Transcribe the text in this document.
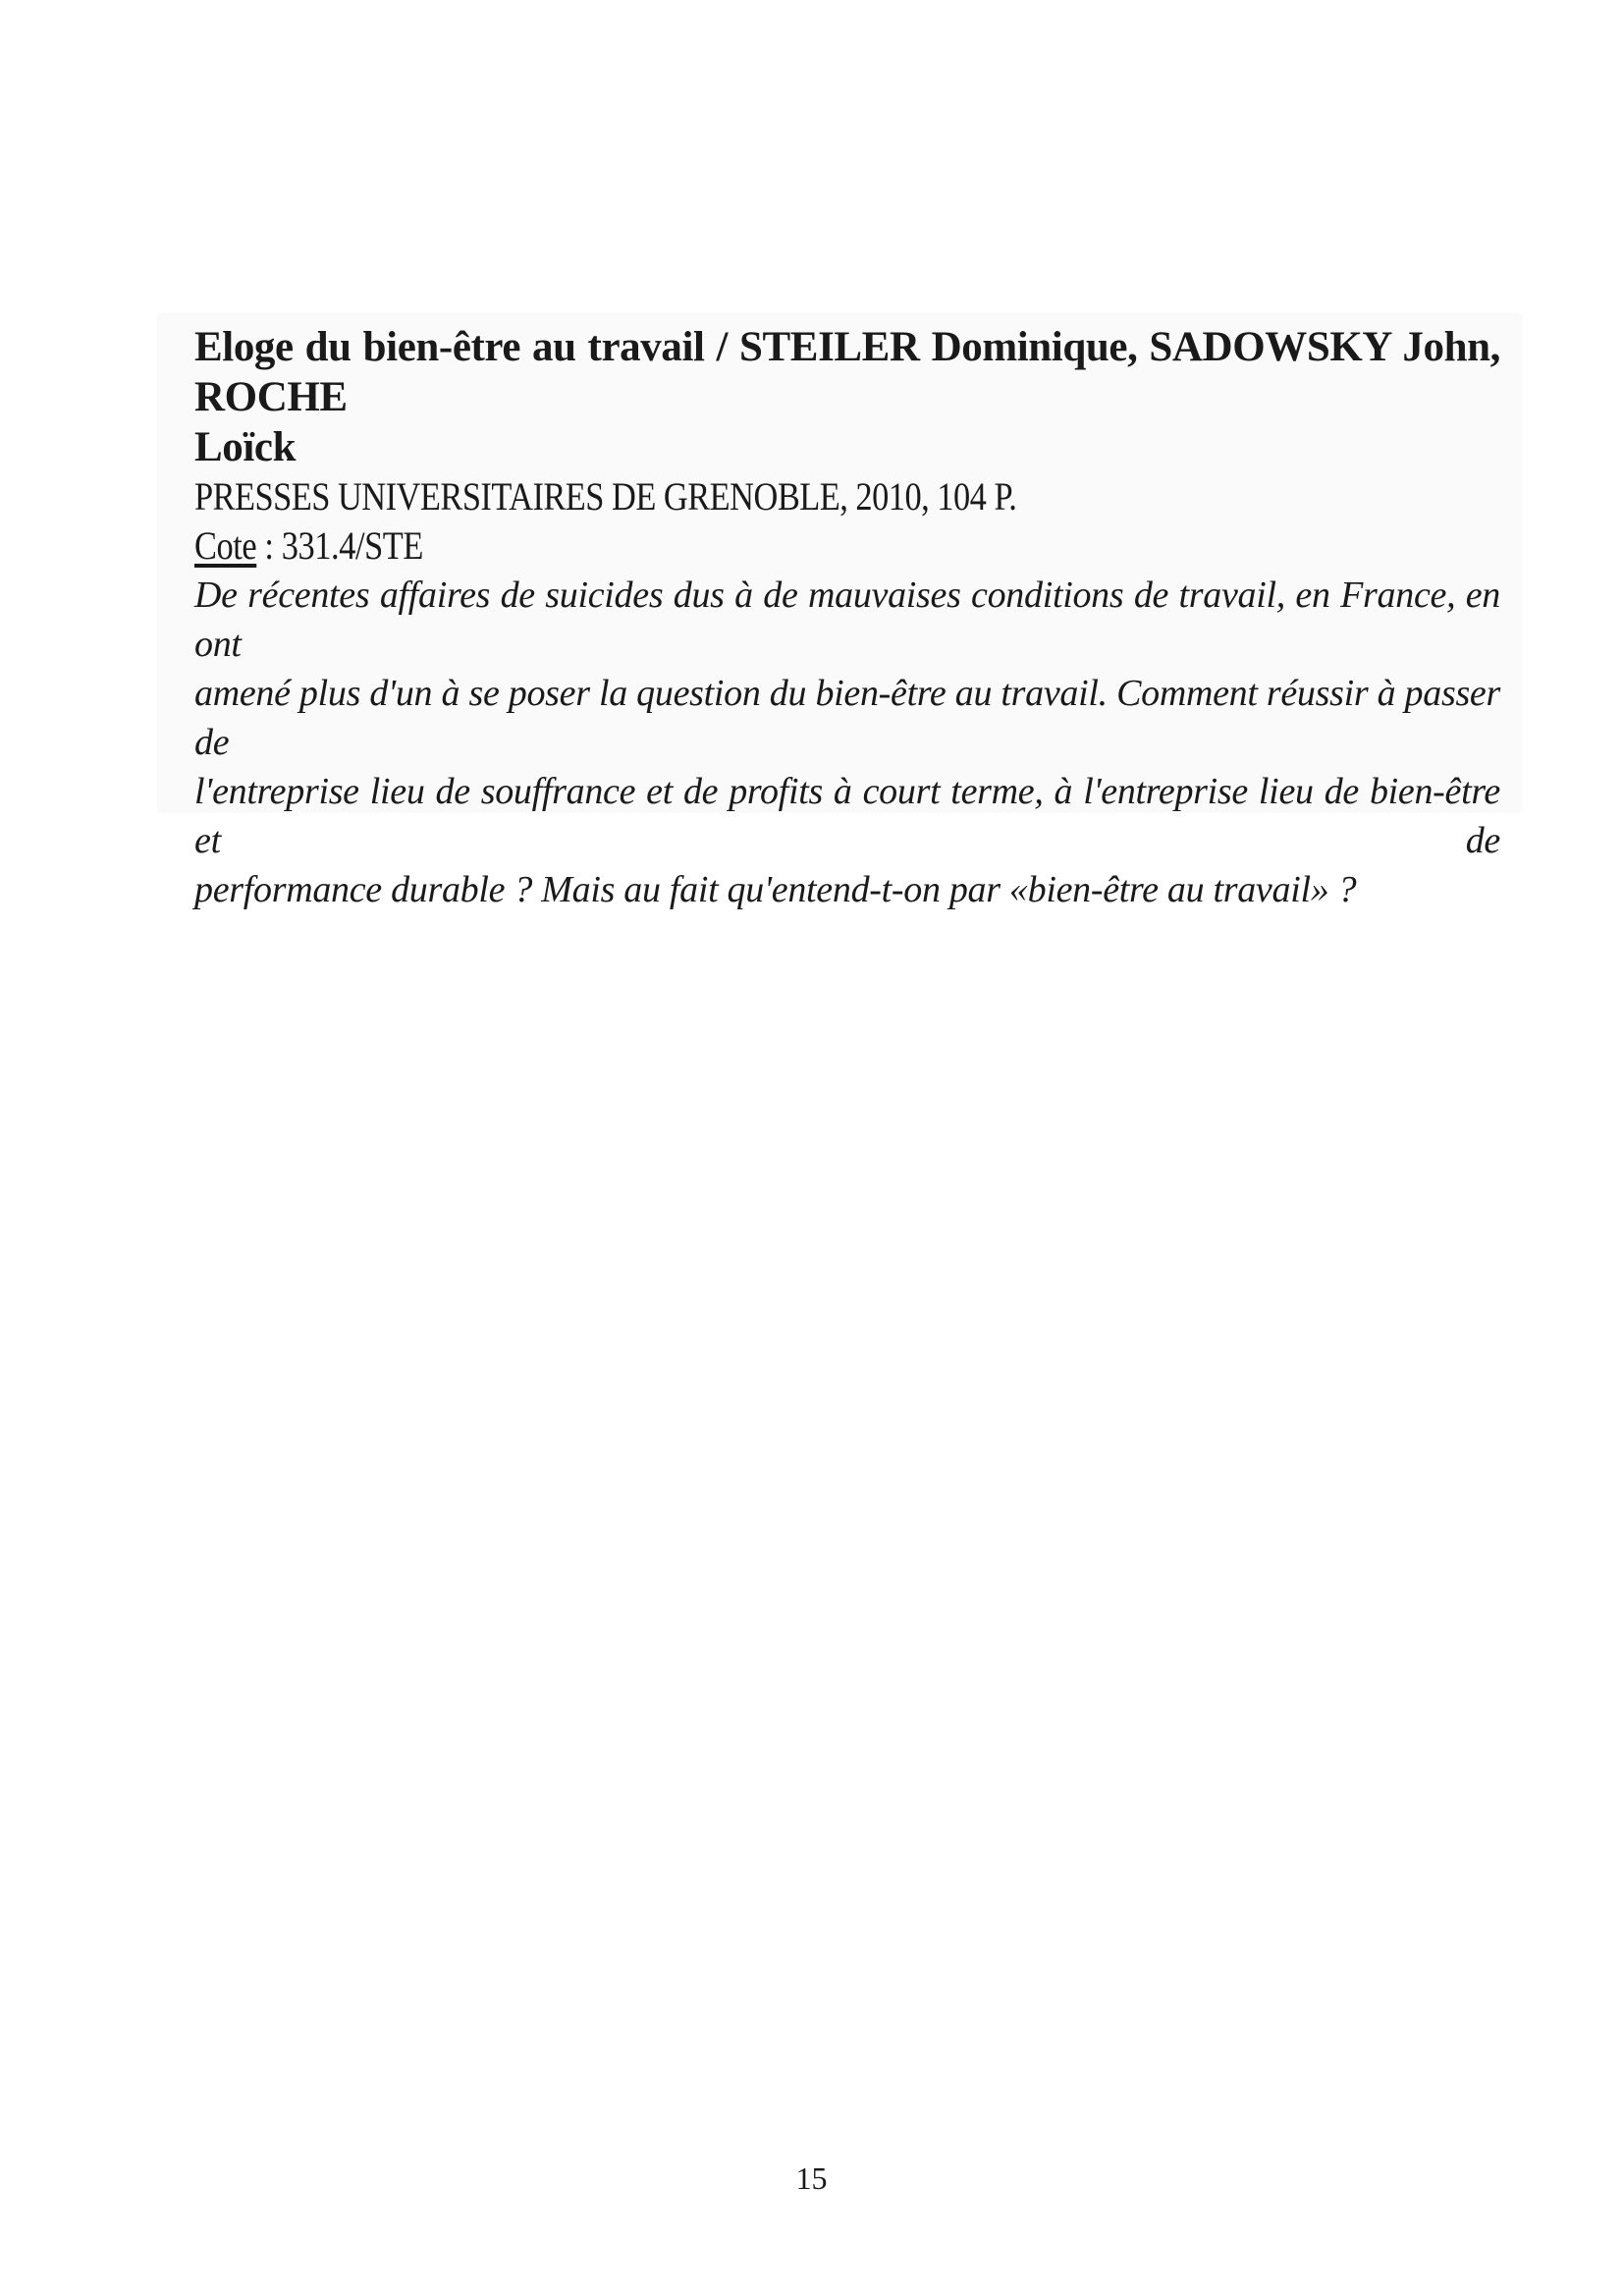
Eloge du bien-être au travail / STEILER Dominique, SADOWSKY John, ROCHE

Loïck

PRESSES UNIVERSITAIRES DE GRENOBLE, 2010, 104 P.

Cote : 331.4/STE

De récentes affaires de suicides dus à de mauvaises conditions de travail, en France, en ont

amené plus d'un à se poser la question du bien-être au travail. Comment réussir à passer de

l'entreprise lieu de souffrance et de profits à court terme, à l'entreprise lieu de bien-être et de

performance durable ? Mais au fait qu'entend-t-on par «bien-être au travail» ?

15
